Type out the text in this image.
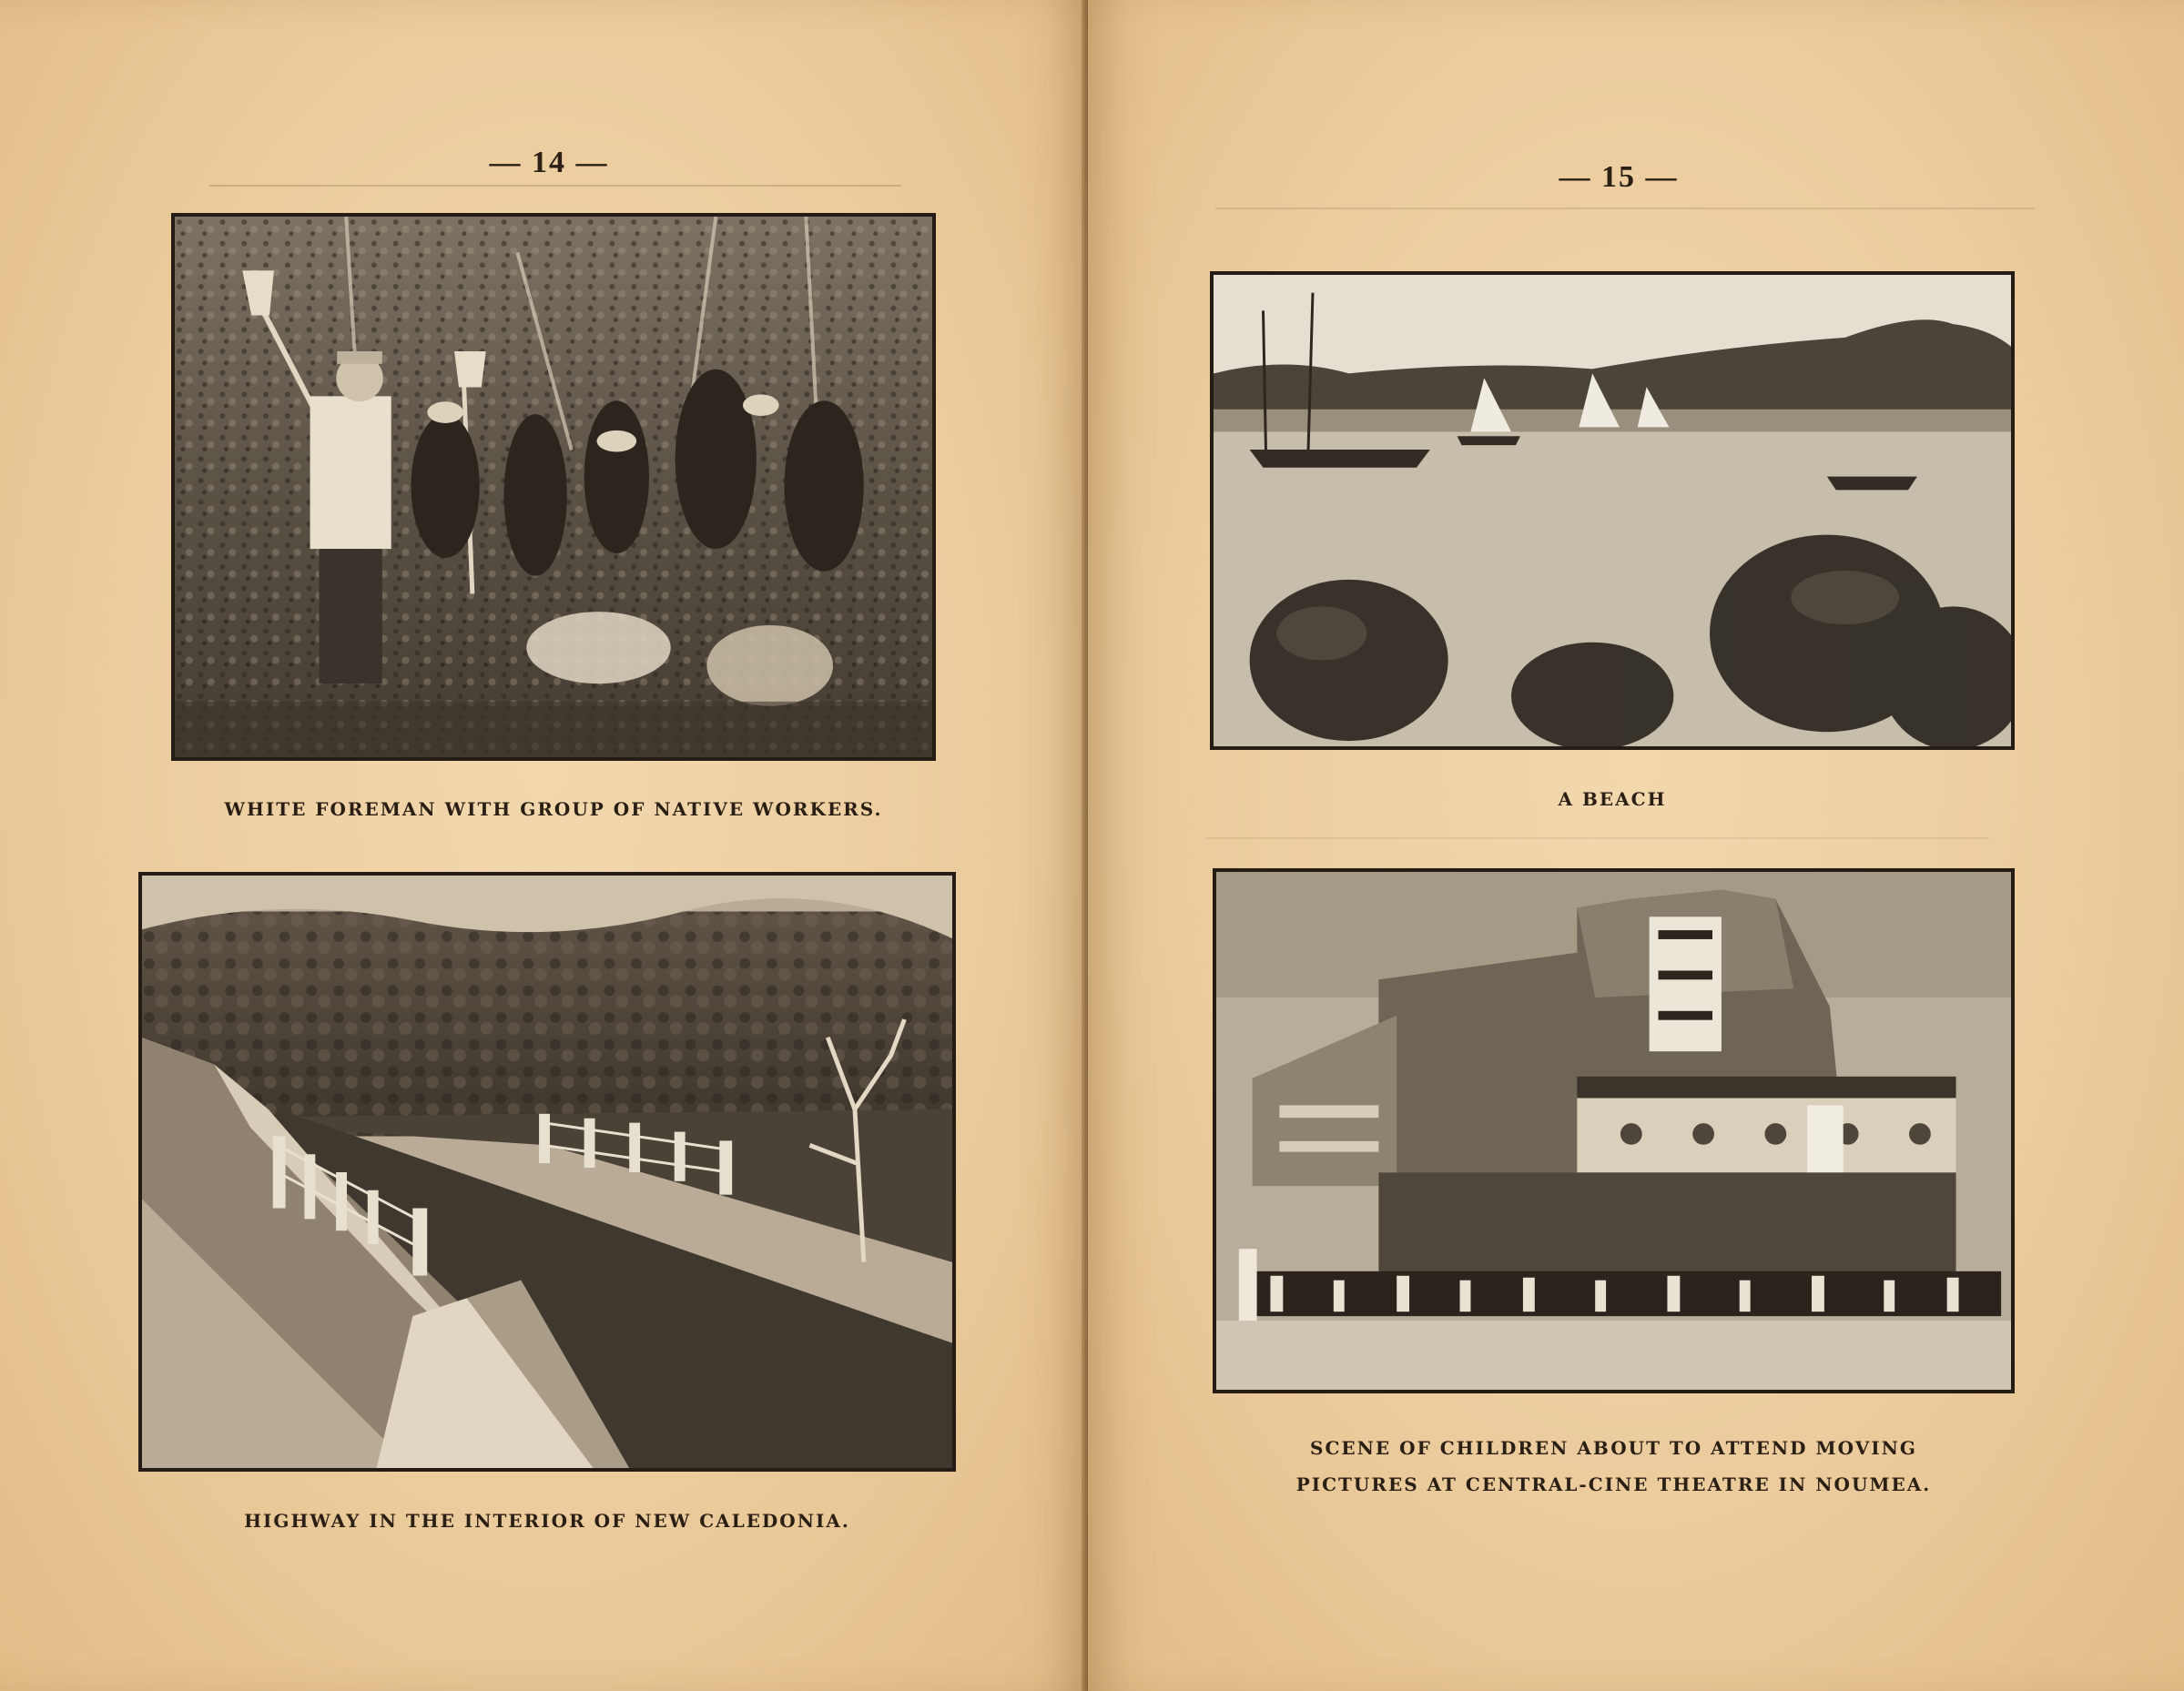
— 14 —
WHITE FOREMAN WITH GROUP OF NATIVE WORKERS.
HIGHWAY IN THE INTERIOR OF NEW CALEDONIA.
— 15 —
A BEACH
SCENE OF CHILDREN ABOUT TO ATTEND MOVING
PICTURES AT CENTRAL-CINE THEATRE IN NOUMEA.
